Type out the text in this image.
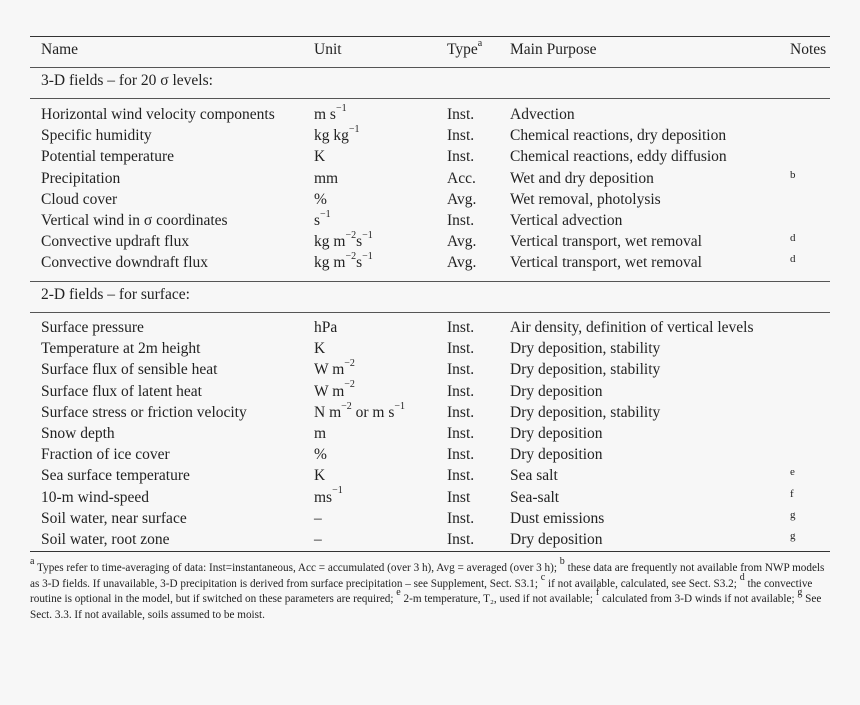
Name	Unit	Type$^a$ Main Purpose	Notes
3-D fields – for 20 σ levels:
Horizontal wind velocity components	m $s^{-1}$	Inst. Advection
Specific humidity	kg $kg^{-1}$	Inst. Chemical reactions, dry deposition
Potential temperature	K	Inst. Chemical reactions, eddy diffusion
Precipitation	mm	Acc. Wet and dry deposition	b
Cloud cover	%	Avg. Wet removal, photolysis
Vertical wind in σ coordinates	$s^{-1}$	Inst. Vertical advection
Convective updraft flux	kg $m^{-2}s^{-1}$	Avg. Vertical transport, wet removal	d
Convective downdraft flux	kg $m^{-2}s^{-1}$	Avg. Vertical transport, wet removal	d
2-D fields – for surface:
Surface pressure	hPa	Inst. Air density, definition of vertical levels
Temperature at 2m height	K	Inst. Dry deposition, stability
Surface flux of sensible heat	W $m^{-2}$	Inst. Dry deposition, stability
Surface flux of latent heat	W $m^{-2}$	Inst. Dry deposition
Surface stress or friction velocity	N $m^{-2}$ or m $s^{-1}$	Inst. Dry deposition, stability
Snow depth	m	Inst. Dry deposition
Fraction of ice cover	%	Inst. Dry deposition
Sea surface temperature	K	Inst. Sea salt	e
10-m wind-speed	$ms^{-1}$	Inst	Sea-salt	f
Soil water, near surface	–	Inst. Dust emissions	g
Soil water, root zone	–	Inst. Dry deposition	g

$^a$ Types refer to time-averaging of data: Inst=instantaneous, Acc = accumulated (over 3 h), Avg = averaged (over 3 h); $^b$ these data are frequently not available from NWP models as 3-D fields. If unavailable, 3-D precipitation is derived from surface precipitation – see Supplement, Sect. S3.1; $^c$ if not available, calculated, see Sect. S3.2; $^d$ the convective routine is optional in the model, but if switched on these parameters are required; $^e$ 2-m temperature, T₂, used if not available; $^f$ calculated from 3-D winds if not available; $^g$ See Sect. 3.3. If not available, soils assumed to be moist.
